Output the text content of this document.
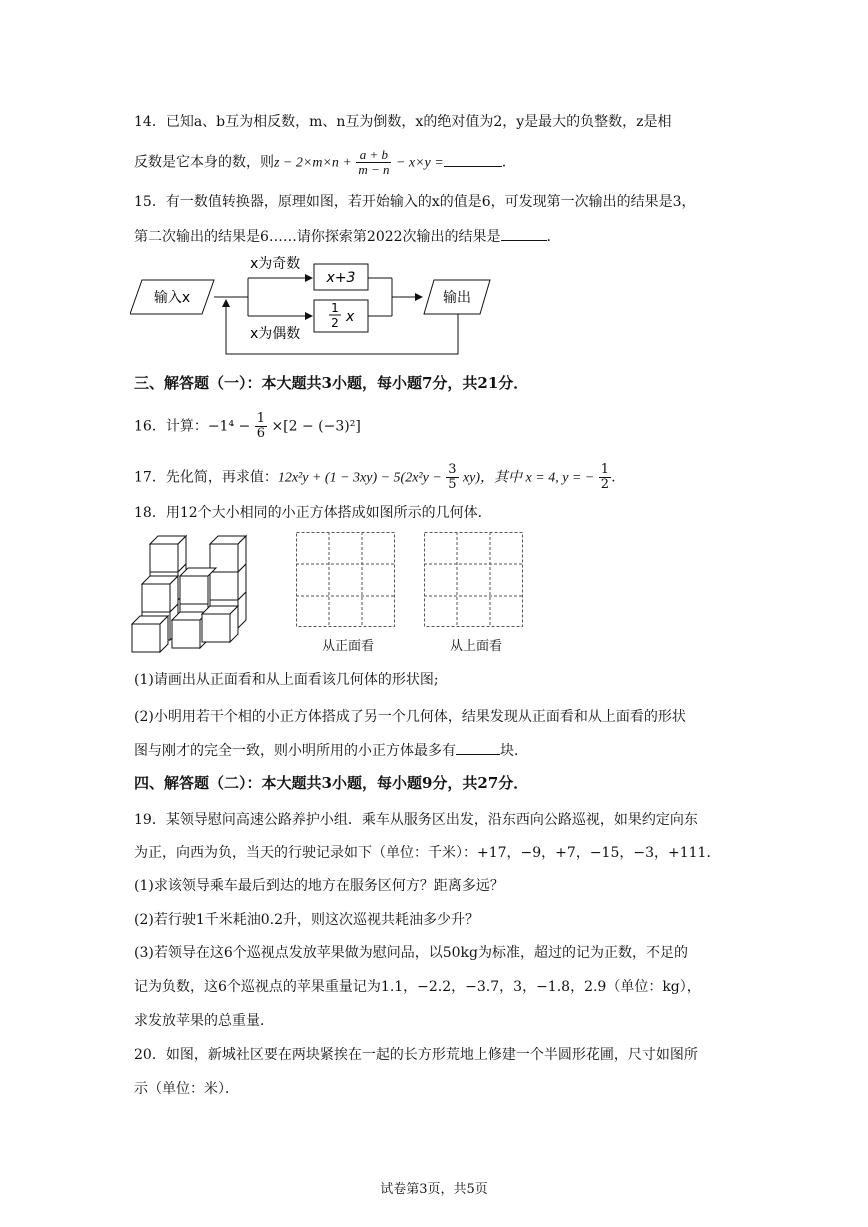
14．已知a、b互为相反数，m、n互为倒数，x的绝对值为2，y是最大的负整数，z是相
反数是它本身的数，则$z - 2\times m\times n + \frac{a + b}{m - n} - x\times y$ =	.
15．有一数值转换器，原理如图，若开始输入的x的值是6，可发现第一次输出的结果是3，
第二次输出的结果是6……请你探索第2022次输出的结果是	.
输入x
x为奇数
x为偶数
x+3
1
2 x
输出
三、解答题（一）：本大题共3小题，每小题7分，共21分．
16．计算：$-1^4 - \frac{1}{6} \times[2 - (-3)^2]$
17．先化简，再求值：$12x^2y + (1 - 3xy) - 5(2x^2y - \frac{3}{5} xy)$，其中 x = 4, y = − $\frac{1}{2}$ .
18．用12个大小相同的小正方体搭成如图所示的几何体．
从正面看	从上面看
(1)请画出从正面看和从上面看该几何体的形状图;
(2)小明用若干个相的小正方体搭成了另一个几何体，结果发现从正面看和从上面看的形状
图与刚才的完全一致，则小明所用的小正方体最多有	块．
四、解答题（二）：本大题共3小题，每小题9分，共27分．
19．某领导慰问高速公路养护小组．乘车从服务区出发，沿东西向公路巡视，如果约定向东
为正，向西为负，当天的行驶记录如下（单位：千米）：+17，−9，+7，−15，−3，+111．
(1)求该领导乘车最后到达的地方在服务区何方？距离多远？
(2)若行驶1千米耗油0.2升，则这次巡视共耗油多少升？
(3)若领导在这6个巡视点发放苹果做为慰问品，以50kg为标准，超过的记为正数，不足的
记为负数，这6个巡视点的苹果重量记为1.1，−2.2，−3.7，3，−1.8，2.9（单位：kg），
求发放苹果的总重量．
20．如图，新城社区要在两块紧挨在一起的长方形荒地上修建一个半圆形花圃，尺寸如图所
示（单位：米）．
试卷第3页，共5页
